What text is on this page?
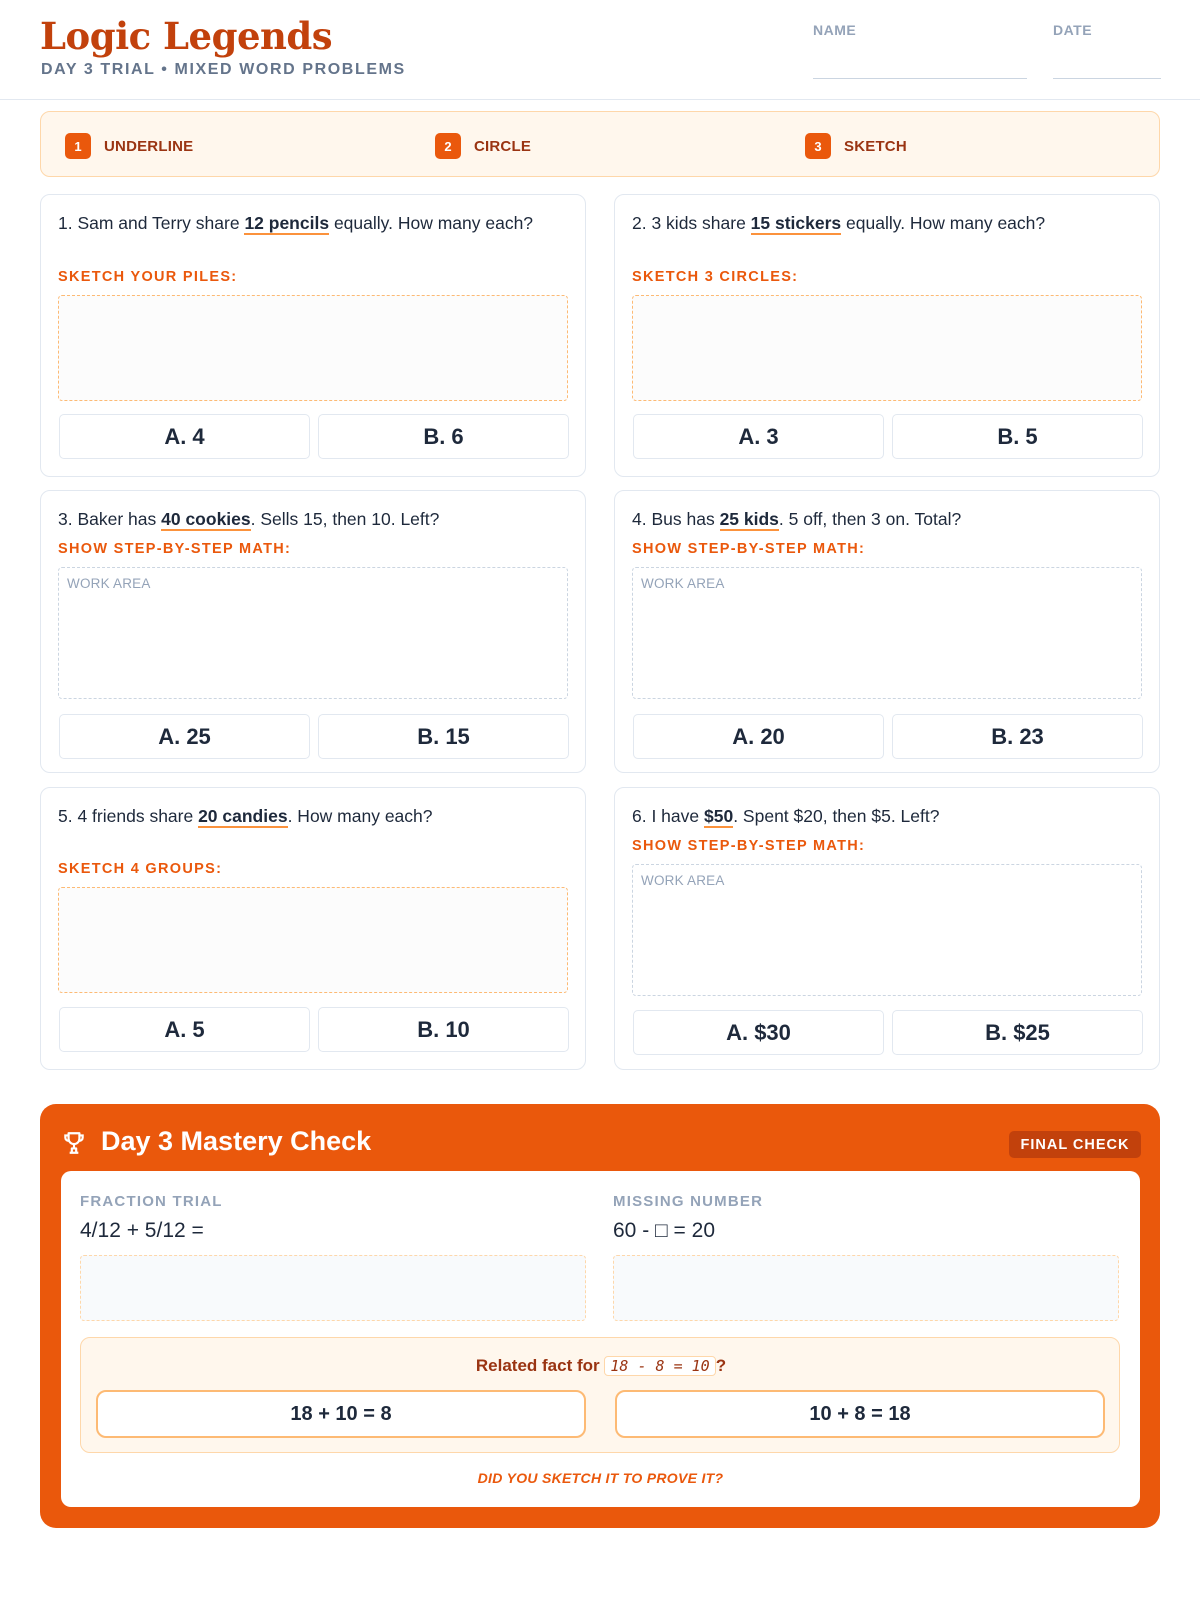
Logic Legends
DAY 3 TRIAL • MIXED WORD PROBLEMS
NAME	DATE
1	UNDERLINE	2	CIRCLE	3	SKETCH
1. Sam and Terry share 12 pencils equally. How many each?
SKETCH YOUR PILES:
A. 4	B. 6
2. 3 kids share 15 stickers equally. How many each?
SKETCH 3 CIRCLES:
A. 3	B. 5
3. Baker has 40 cookies. Sells 15, then 10. Left?
SHOW STEP-BY-STEP MATH:
WORK AREA
A. 25	B. 15
4. Bus has 25 kids. 5 off, then 3 on. Total?
SHOW STEP-BY-STEP MATH:
WORK AREA
A. 20	B. 23
5. 4 friends share 20 candies. How many each?
SKETCH 4 GROUPS:
A. 5	B. 10
6. I have $50. Spent $20, then $5. Left?
SHOW STEP-BY-STEP MATH:
WORK AREA
A. $30	B. $25
Day 3 Mastery Check	FINAL CHECK
FRACTION TRIAL
4/12 + 5/12 =
MISSING NUMBER
60 - □ = 20
Related fact for 18 - 8 = 10 ?
18 + 10 = 8	10 + 8 = 18
DID YOU SKETCH IT TO PROVE IT?
